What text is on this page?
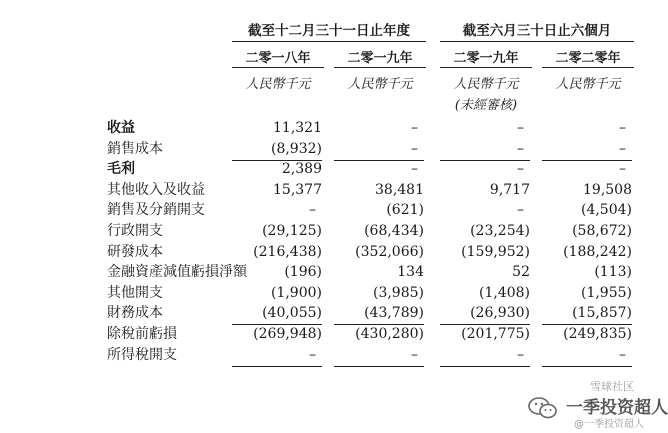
截至十二月三十一日止年度	截至六月三十日止六個月
二零一八年	二零一九年	二零一九年	二零二零年
人民幣千元	人民幣千元	人民幣千元	人民幣千元
(未經審核)
收益	11,321	–	–	–
銷售成本	(8,932)	–	–	–
毛利	2,389	–	–	–
其他收入及收益	15,377	38,481	9,717	19,508
銷售及分銷開支	–	(621)	–	(4,504)
行政開支	(29,125)	(68,434)	(23,254)	(58,672)
研發成本	(216,438)	(352,066)	(159,952)	(188,242)
金融資產減值虧損淨額	(196)	134	52	(113)
其他開支	(1,900)	(3,985)	(1,408)	(1,955)
財務成本	(40,055)	(43,789)	(26,930)	(15,857)
除稅前虧損	(269,948)	(430,280)	(201,775)	(249,835)
所得稅開支	–	–	–	–
雪球社区
一季投资超人
@一季投资超人
